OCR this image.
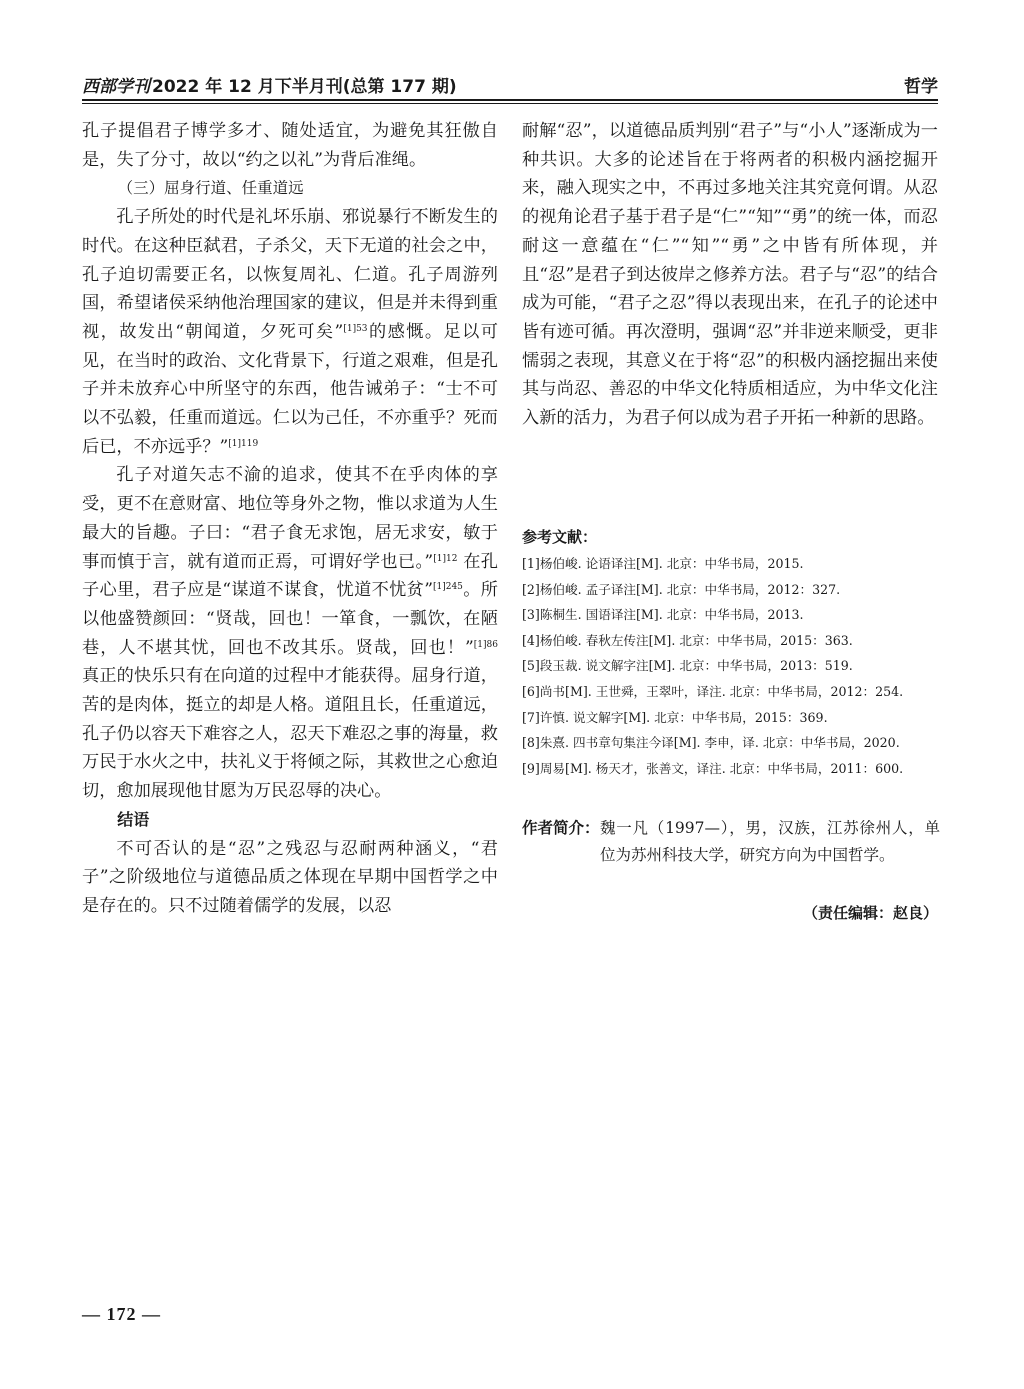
西部学刊 2022 年 12 月下半月刊(总第 177 期)	哲学

孔子提倡君子博学多才、随处适宜，为避免其狂傲自是，失了分寸，故以“约之以礼”为背后准绳。

（三）屈身行道、任重道远

孔子所处的时代是礼坏乐崩、邪说暴行不断发生的时代。在这种臣弑君，子杀父，天下无道的社会之中，孔子迫切需要正名，以恢复周礼、仁道。孔子周游列国，希望诸侯采纳他治理国家的建议，但是并未得到重视，故发出“朝闻道，夕死可矣”$^{[1]53}$的感慨。足以可见，在当时的政治、文化背景下，行道之艰难，但是孔子并未放弃心中所坚守的东西，他告诫弟子：“士不可以不弘毅，任重而道远。仁以为己任，不亦重乎？死而后已，不亦远乎？”$^{[1]119}$

孔子对道矢志不渝的追求，使其不在乎肉体的享受，更不在意财富、地位等身外之物，惟以求道为人生最大的旨趣。子曰：“君子食无求饱，居无求安，敏于事而慎于言，就有道而正焉，可谓好学也已。”$^{[1]12}$ 在孔子心里，君子应是“谋道不谋食，忧道不忧贫”$^{[1]245}$。所以他盛赞颜回：“贤哉，回也！一箪食，一瓢饮，在陋巷，人不堪其忧，回也不改其乐。贤哉，回也！”$^{[1]86}$ 真正的快乐只有在向道的过程中才能获得。屈身行道，苦的是肉体，挺立的却是人格。道阻且长，任重道远，孔子仍以容天下难容之人，忍天下难忍之事的海量，救万民于水火之中，扶礼义于将倾之际，其救世之心愈迫切，愈加展现他甘愿为万民忍辱的决心。

结语

不可否认的是“忍”之残忍与忍耐两种涵义，“君子”之阶级地位与道德品质之体现在早期中国哲学之中是存在的。只不过随着儒学的发展，以忍

耐解“忍”，以道德品质判别“君子”与“小人”逐渐成为一种共识。大多的论述旨在于将两者的积极内涵挖掘开来，融入现实之中，不再过多地关注其究竟何谓。从忍的视角论君子基于君子是“仁”“知”“勇”的统一体，而忍耐这一意蕴在“仁”“知”“勇”之中皆有所体现，并且“忍”是君子到达彼岸之修养方法。君子与“忍”的结合成为可能，“君子之忍”得以表现出来，在孔子的论述中皆有迹可循。再次澄明，强调“忍”并非逆来顺受，更非懦弱之表现，其意义在于将“忍”的积极内涵挖掘出来使其与尚忍、善忍的中华文化特质相适应，为中华文化注入新的活力，为君子何以成为君子开拓一种新的思路。

参考文献：
[1]杨伯峻. 论语译注[M]. 北京：中华书局，2015.
[2]杨伯峻. 孟子译注[M]. 北京：中华书局，2012：327.
[3]陈桐生. 国语译注[M]. 北京：中华书局，2013.
[4]杨伯峻. 春秋左传注[M]. 北京：中华书局，2015：363.
[5]段玉裁. 说文解字注[M]. 北京：中华书局，2013：519.
[6]尚书[M]. 王世舜，王翠叶，译注. 北京：中华书局，2012：254.
[7]许慎. 说文解字[M]. 北京：中华书局，2015：369.
[8]朱熹. 四书章句集注今译[M]. 李申，译. 北京：中华书局，2020.
[9]周易[M]. 杨天才，张善文，译注. 北京：中华书局，2011：600.
作者简介： 魏一凡（1997—），男，汉族，江苏徐州人，单位为苏州科技大学，研究方向为中国哲学。
（责任编辑：赵良）
— 172 —
